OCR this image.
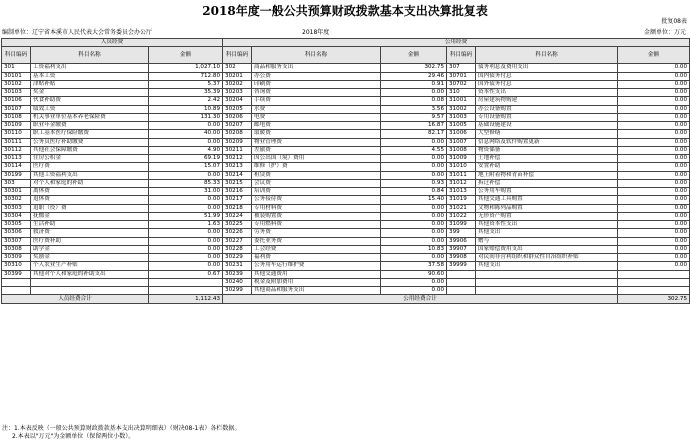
2018年度一般公共预算财政拨款基本支出决算批复表
批复08表
编制单位：辽宁省本溪市人民代表大会常务委员会办公厅	2018年度	金额单位：万元
人员经费			公用经费					
科目编码	科目名称	金额	科目编码	科目名称	金额	科目编码	科目名称	金额
301	工资福利支出	1,027.10	302	商品和服务支出	302.75	307	债务利息及费用支出	0.00
30101	基本工资	712.80	30201	办公费	29.46	30701	国内债务付息	0.00
30102	津贴补贴	5.37	30202	印刷费	0.91	30702	国外债务付息	0.00
30103	奖金	35.39	30203	咨询费	0.00	310	资本性支出	0.00
30106	伙食补助费	2.42	30204	手续费	0.08	31001	房屋建筑物购建	0.00
30107	绩效工资	10.89	30205	水费	3.56	31002	办公设备购置	0.00
30108	机关事业单位基本养老保险费	131.30	30206	电费	9.57	31003	专用设备购置	0.00
30109	职业年金缴费	0.00	30207	邮电费	16.87	31005	基础设施建设	0.00
30110	职工基本医疗保险缴费	40.00	30208	取暖费	82.17	31006	大型修缮	0.00
30111	公务员医疗补助缴费	0.00	30209	物业管理费	0.00	31007	信息网络及软件购置更新	0.00
30112	其他社会保障缴费	4.90	30211	差旅费	4.55	31008	物资储备	0.00
30113	住房公积金	69.19	30212	因公出国（境）费用	0.00	31009	土地补偿	0.00
30114	医疗费	15.07	30213	维修（护）费	0.00	31010	安置补助	0.00
30199	其他工资福利支出	0.00	30214	租赁费	0.00	31011	地上附着物和青苗补偿	0.00
303	对个人和家庭的补助	85.33	30215	会议费	0.93	31012	拆迁补偿	0.00
30301	离休费	31.00	30216	培训费	0.84	31013	公务用车购置	0.00
30302	退休费	0.00	30217	公务接待费	15.40	31019	其他交通工具购置	0.00
30303	退职（役）费	0.00	30218	专用材料费	0.00	31021	文物和陈列品购置	0.00
30304	抚恤金	51.99	30224	被装购置费	0.00	31022	无形资产购置	0.00
30305	生活补助	1.63	30225	专用燃料费	0.00	31099	其他资本性支出	0.00
30306	救济费	0.00	30226	劳务费	0.00	399	其他支出	0.00
30307	医疗费补助	0.00	30227	委托业务费	0.00	39906	赠与	0.00
30308	助学金	0.00	30228	工会经费	10.83	39907	国家赔偿费用支出	0.00
30309	奖励金	0.00	30229	福利费	0.00	39908	对民间非营利组织和群众性自治组织补贴	0.00
30310	个人农业生产补贴	0.00	30231	公务用车运行维护费	37.58	39999	其他支出	0.00
30399	其他对个人和家庭的补助支出	0.67	30239	其他交通费用	90.60			
			30240	税金及附加费用	0.00			
			30299	其他商品和服务支出	0.00			
人员经费合计		1,112.43	公用经费合计					302.75
注：1.本表反映（一般公共预算财政拨款基本支出决算明细表）（财决08-1表）各栏数据。
2.本表以"万元"为金额单位（保留两位小数）。
